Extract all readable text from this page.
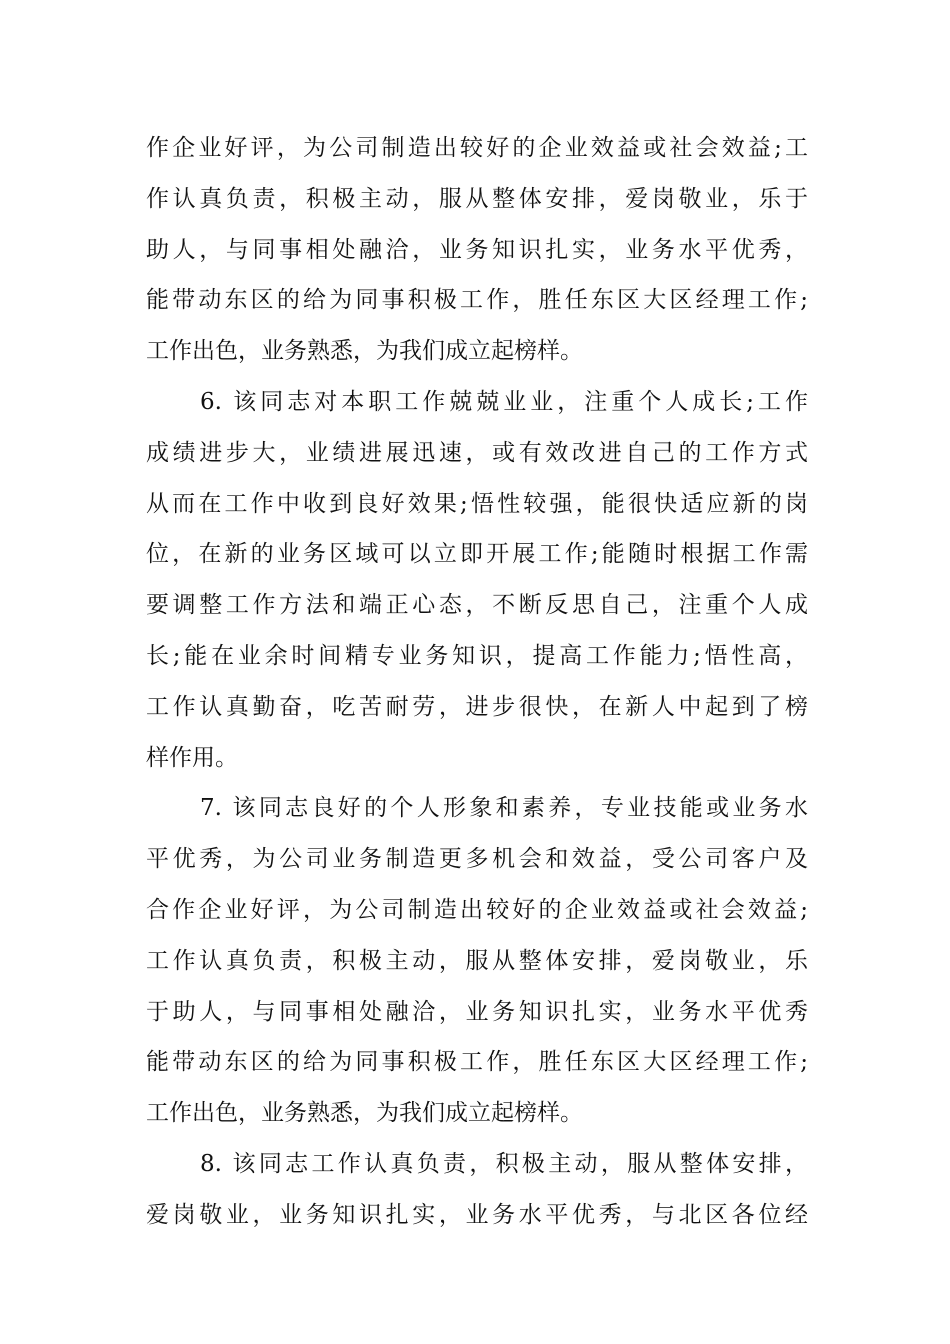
作企业好评，为公司制造出较好的企业效益或社会效益;工
作认真负责，积极主动，服从整体安排，爱岗敬业，乐于
助人，与同事相处融洽，业务知识扎实，业务水平优秀，
能带动东区的给为同事积极工作，胜任东区大区经理工作;
工作出色，业务熟悉，为我们成立起榜样。
6. 该同志对本职工作兢兢业业，注重个人成长;工作
成绩进步大，业绩进展迅速，或有效改进自己的工作方式
从而在工作中收到良好效果;悟性较强，能很快适应新的岗
位，在新的业务区域可以立即开展工作;能随时根据工作需
要调整工作方法和端正心态，不断反思自己，注重个人成
长;能在业余时间精专业务知识，提高工作能力;悟性高，
工作认真勤奋，吃苦耐劳，进步很快，在新人中起到了榜
样作用。
7. 该同志良好的个人形象和素养，专业技能或业务水
平优秀，为公司业务制造更多机会和效益，受公司客户及
合作企业好评，为公司制造出较好的企业效益或社会效益;
工作认真负责，积极主动，服从整体安排，爱岗敬业，乐
于助人，与同事相处融洽，业务知识扎实，业务水平优秀
能带动东区的给为同事积极工作，胜任东区大区经理工作;
工作出色，业务熟悉，为我们成立起榜样。
8. 该同志工作认真负责，积极主动，服从整体安排，
爱岗敬业，业务知识扎实，业务水平优秀，与北区各位经
